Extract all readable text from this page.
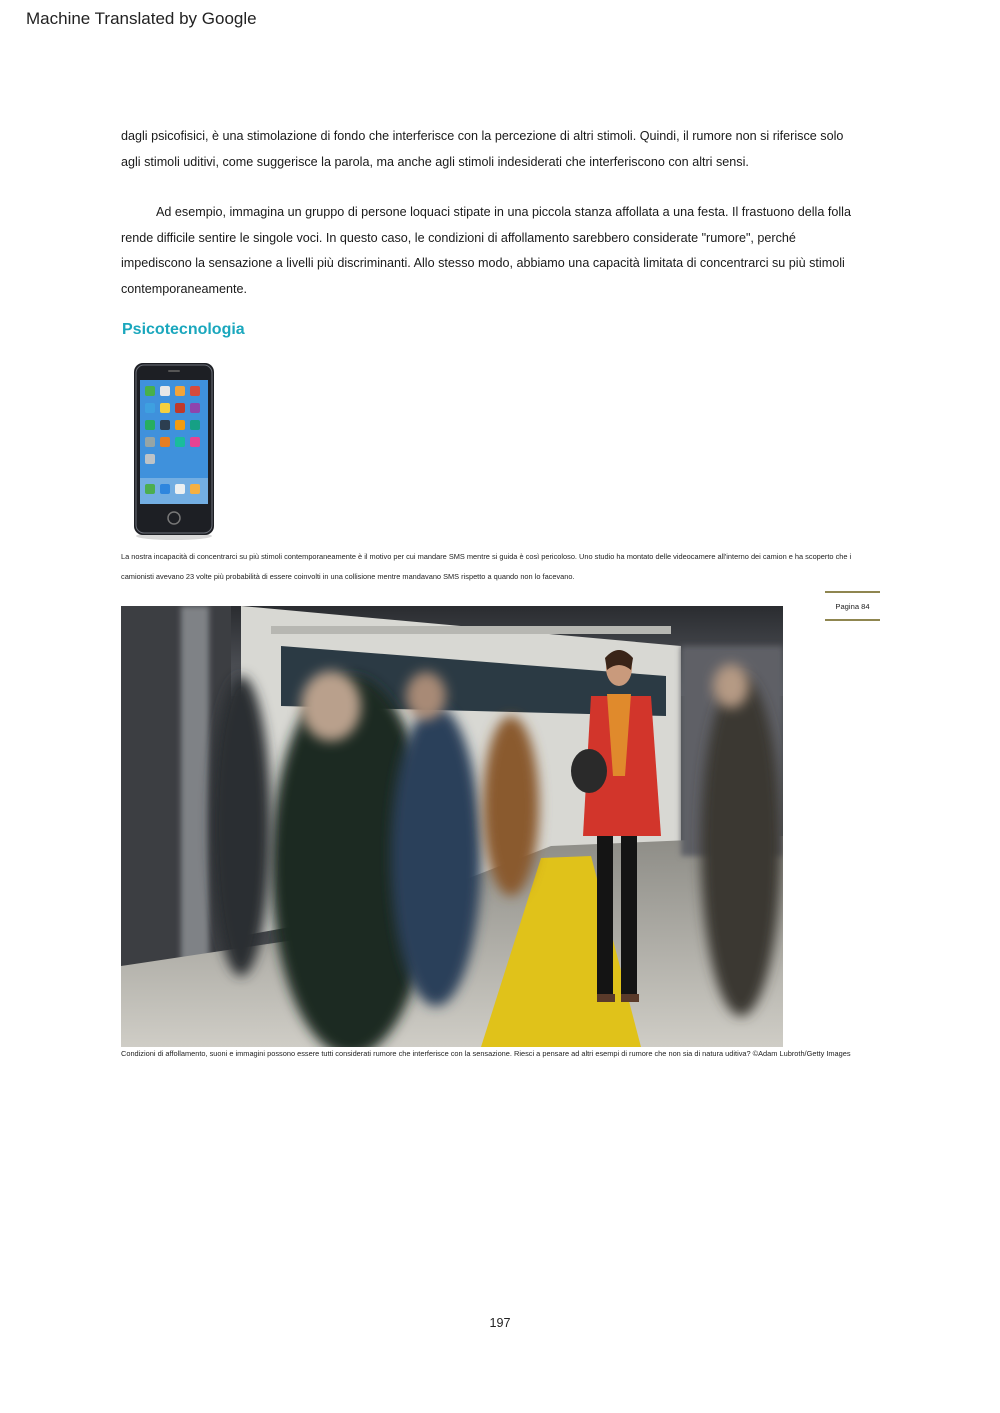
Machine Translated by Google

dagli psicofisici, è una stimolazione di fondo che interferisce con la percezione di altri stimoli. Quindi, il rumore non si riferisce solo agli stimoli uditivi, come suggerisce la parola, ma anche agli stimoli indesiderati che interferiscono con altri sensi.

Ad esempio, immagina un gruppo di persone loquaci stipate in una piccola stanza affollata a una festa. Il frastuono della folla rende difficile sentire le singole voci. In questo caso, le condizioni di affollamento sarebbero considerate "rumore", perché impediscono la sensazione a livelli più discriminanti. Allo stesso modo, abbiamo una capacità limitata di concentrarci su più stimoli contemporaneamente.

Psicotecnologia

La nostra incapacità di concentrarci su più stimoli contemporaneamente è il motivo per cui mandare SMS mentre si guida è così pericoloso. Uno studio ha montato delle videocamere all'interno dei camion e ha scoperto che i camionisti avevano 23 volte più probabilità di essere coinvolti in una collisione mentre mandavano SMS rispetto a quando non lo facevano.

Pagina 84

Condizioni di affollamento, suoni e immagini possono essere tutti considerati rumore che interferisce con la sensazione. Riesci a pensare ad altri esempi di rumore che non sia di natura uditiva? ©Adam Lubroth/Getty Images

197
